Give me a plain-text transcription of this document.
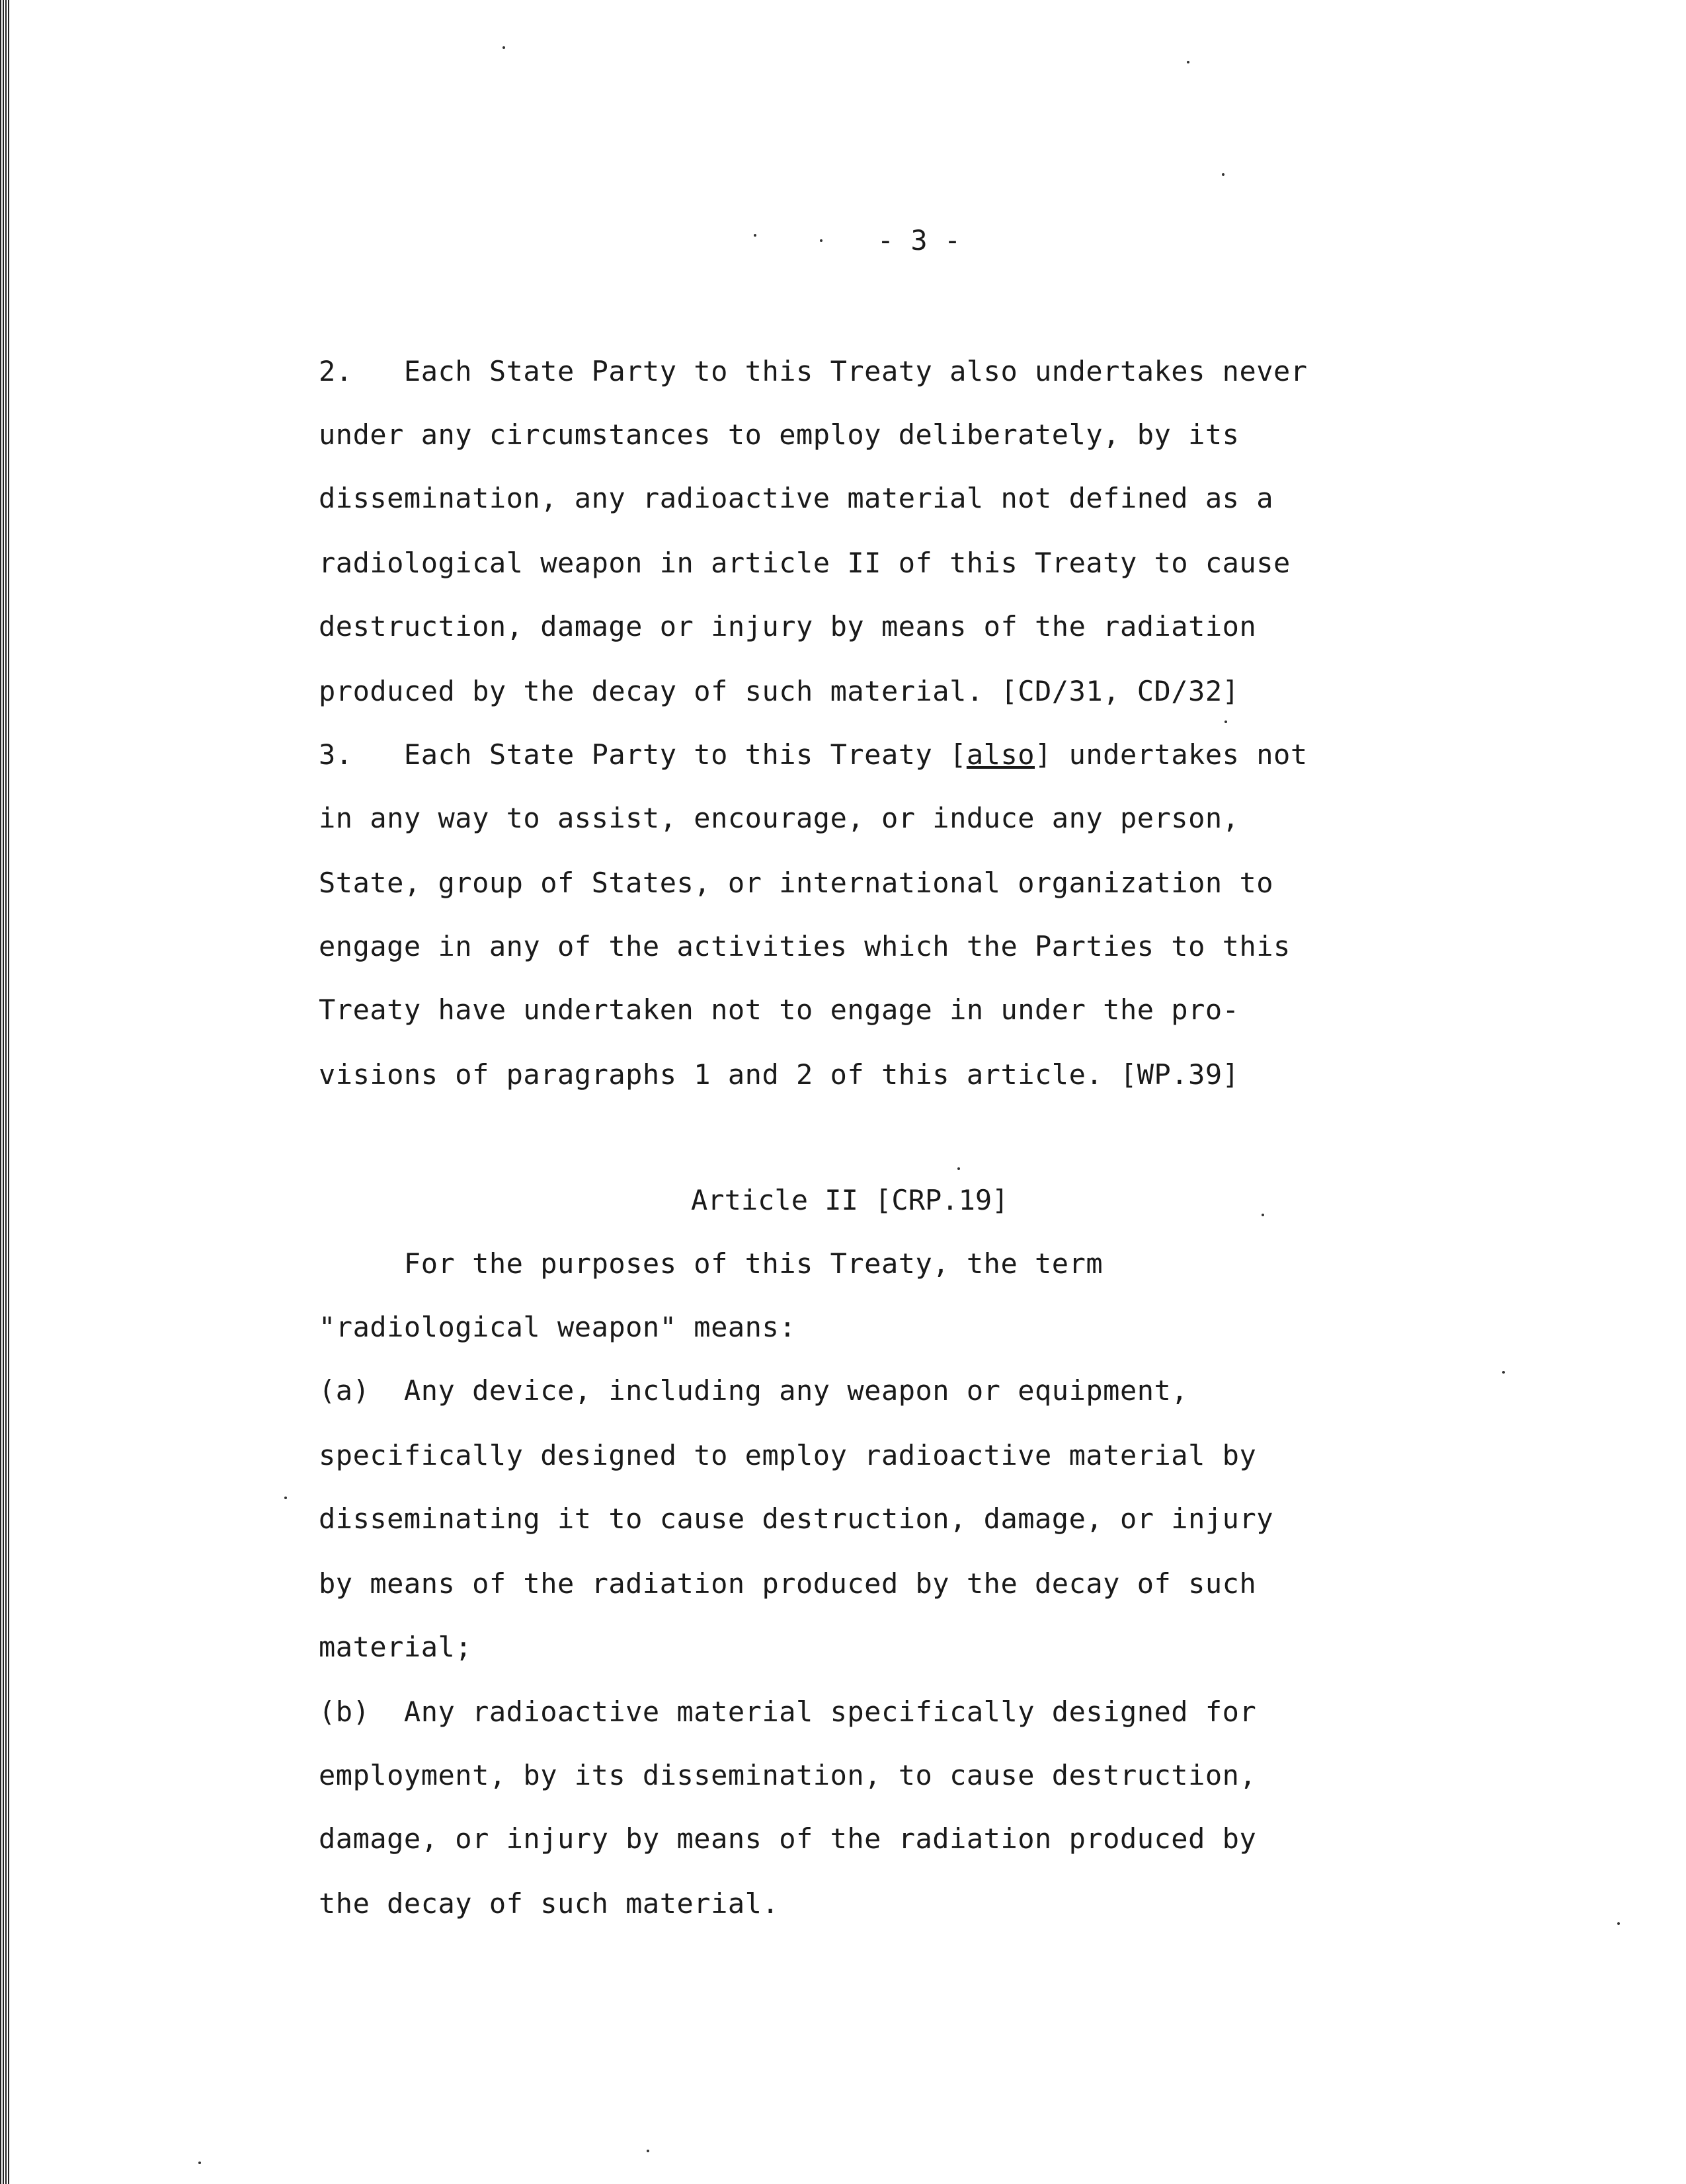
- 3 -
2.   Each State Party to this Treaty also undertakes never
under any circumstances to employ deliberately, by its
dissemination, any radioactive material not defined as a
radiological weapon in article II of this Treaty to cause
destruction, damage or injury by means of the radiation
produced by the decay of such material. [CD/31, CD/32]
3.   Each State Party to this Treaty [also] undertakes not
in any way to assist, encourage, or induce any person,
State, group of States, or international organization to
engage in any of the activities which the Parties to this
Treaty have undertaken not to engage in under the pro-
visions of paragraphs 1 and 2 of this article. [WP.39]
Article II [CRP.19]
For the purposes of this Treaty, the term
"radiological weapon" means:
(a)  Any device, including any weapon or equipment,
specifically designed to employ radioactive material by
disseminating it to cause destruction, damage, or injury
by means of the radiation produced by the decay of such
material;
(b)  Any radioactive material specifically designed for
employment, by its dissemination, to cause destruction,
damage, or injury by means of the radiation produced by
the decay of such material.
